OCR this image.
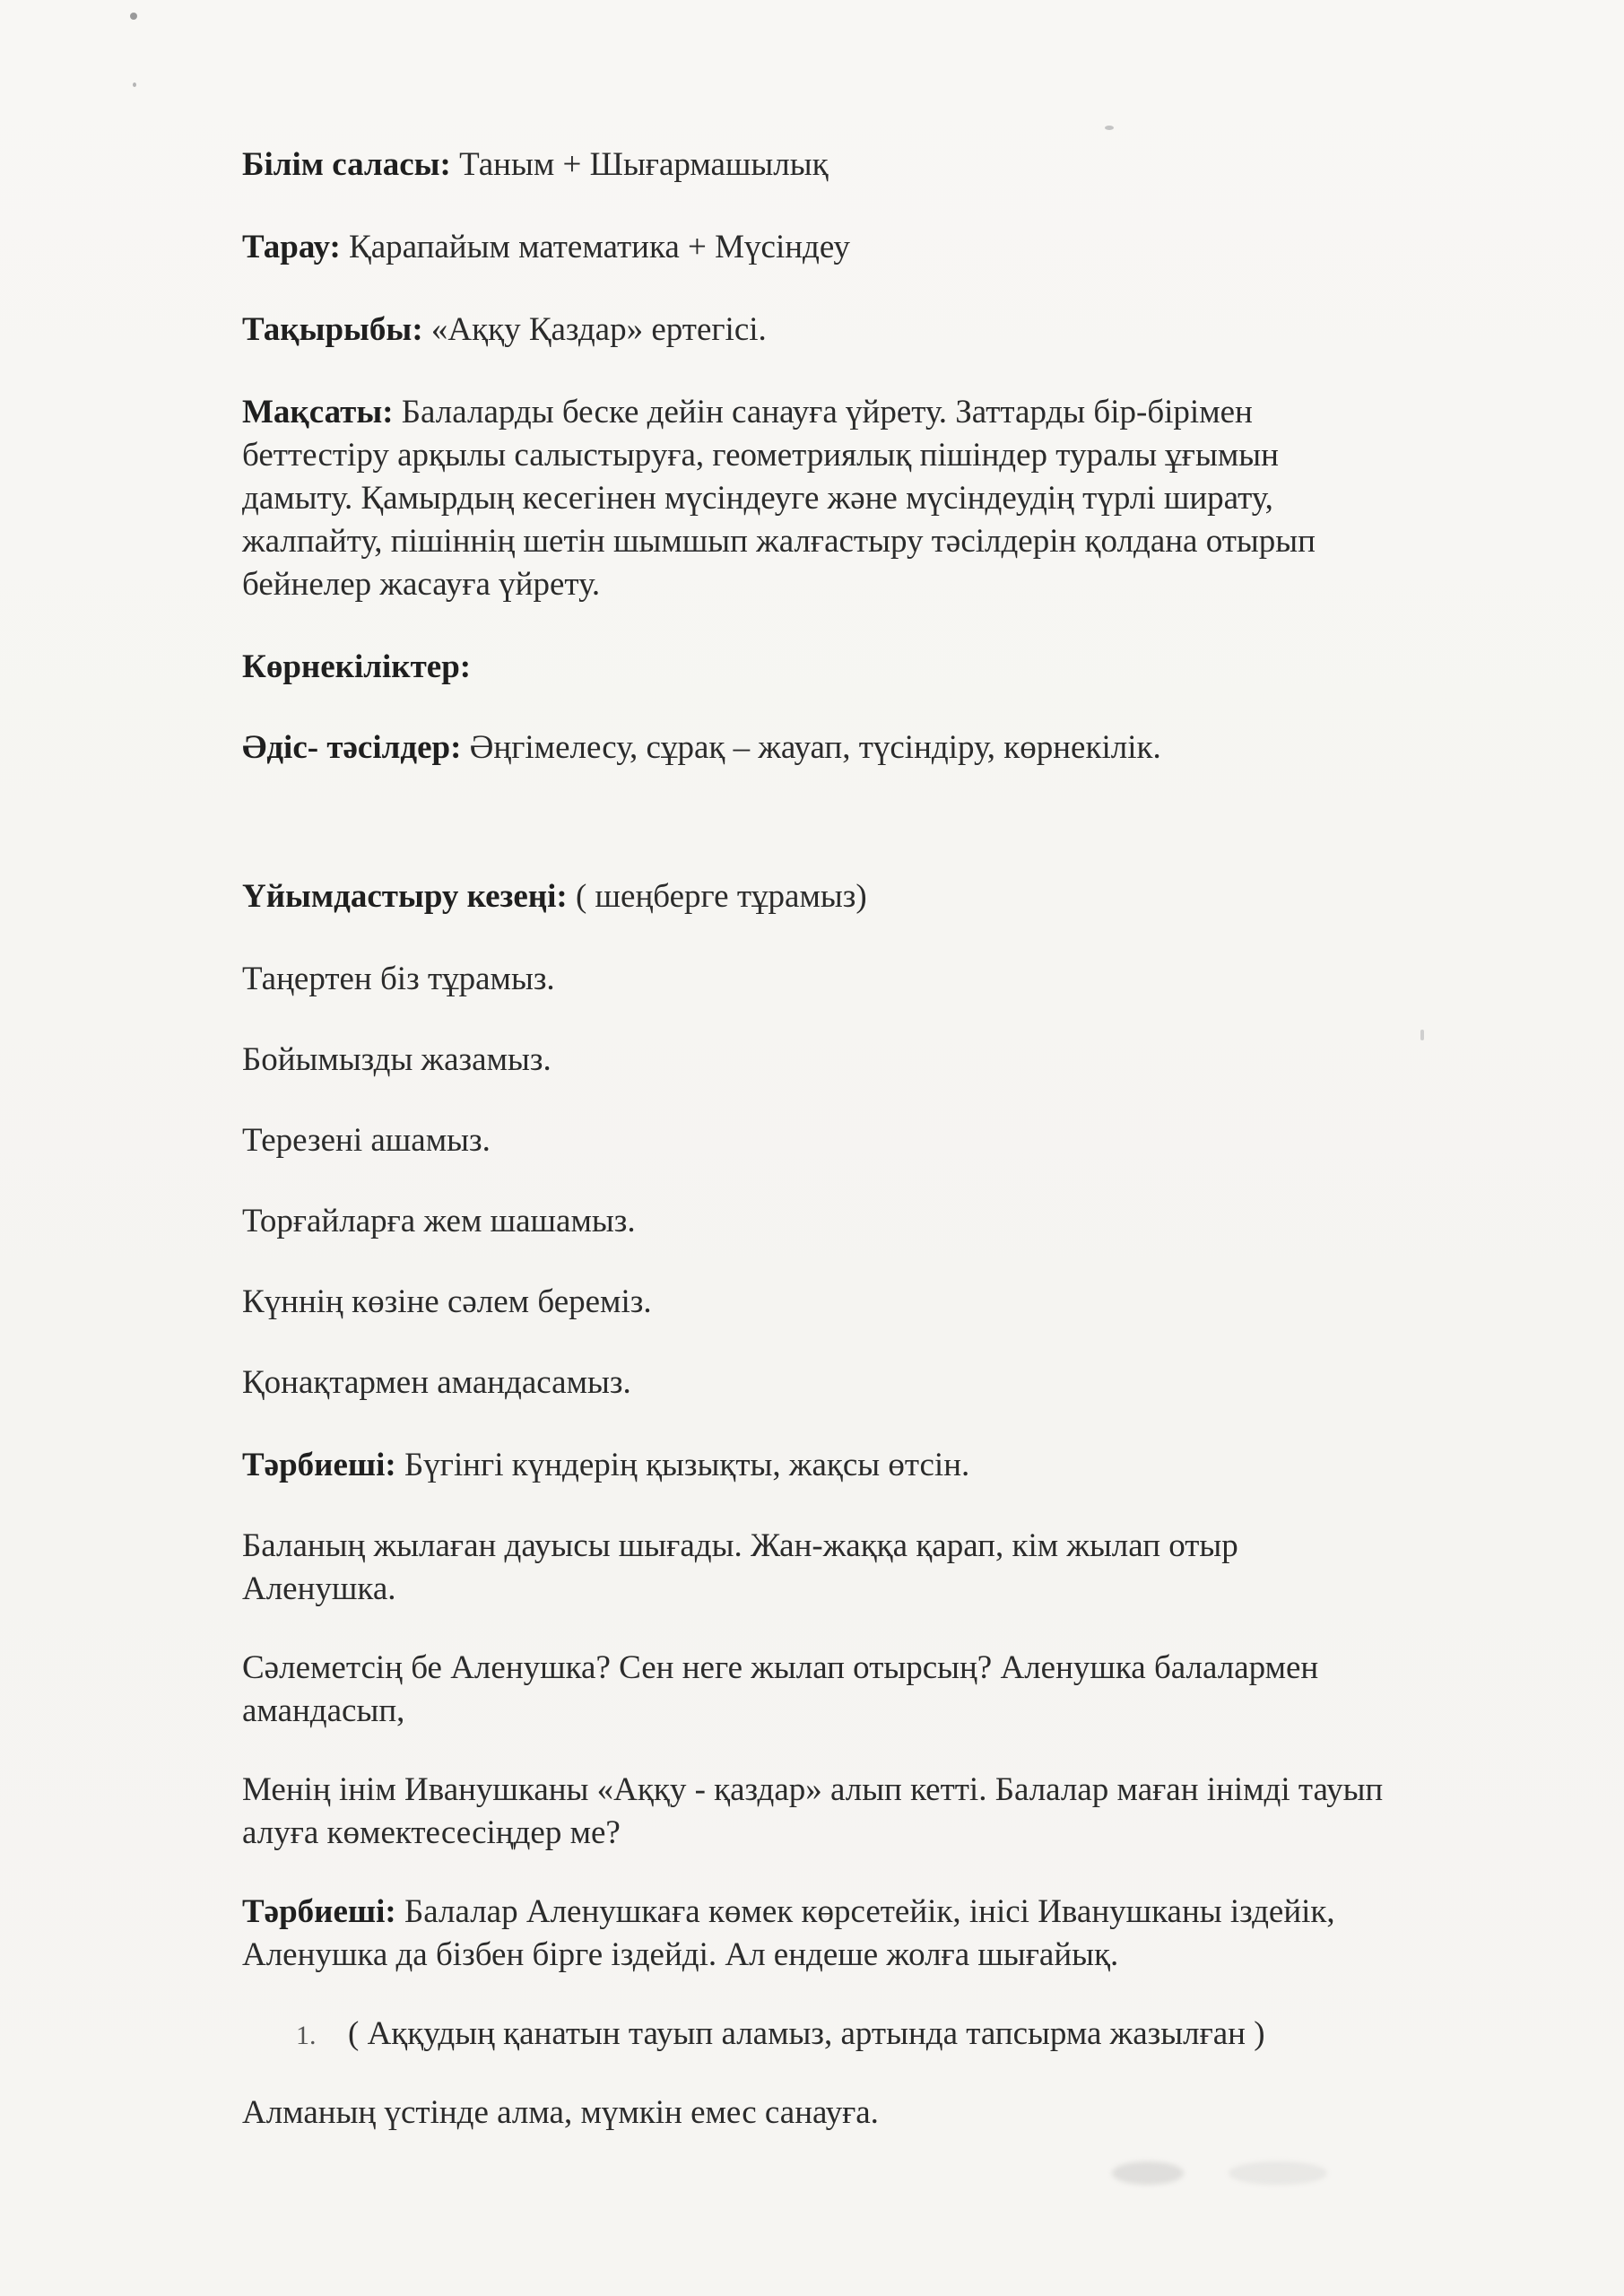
Білім саласы: Таным + Шығармашылық

Тарау: Қарапайым математика + Мүсіндеу

Тақырыбы: «Аққу Қаздар» ертегісі.

Мақсаты: Балаларды беске дейін санауға үйрету. Заттарды бір-бірімен

беттестіру арқылы салыстыруға, геометриялық пішіндер туралы ұғымын

дамыту. Қамырдың кесегінен мүсіндеуге және мүсіндеудің түрлі ширату,

жалпайту, пішіннің шетін шымшып жалғастыру тәсілдерін қолдана отырып

бейнелер жасауға үйрету.

Көрнекіліктер:

Әдіс- тәсілдер: Әңгімелесу, сұрақ – жауап, түсіндіру, көрнекілік.

Үйымдастыру кезеңі: ( шеңберге тұрамыз)

Таңертен біз тұрамыз.

Бойымызды жазамыз.

Терезені ашамыз.

Торғайларға жем шашамыз.

Күннің көзіне сәлем береміз.

Қонақтармен амандасамыз.

Тәрбиеші: Бүгінгі күндерің қызықты, жақсы өтсін.

Баланың жылаған дауысы шығады. Жан-жаққа қарап, кім жылап отыр

Аленушка.

Сәлеметсің бе Аленушка? Сен неге жылап отырсың? Аленушка балалармен

амандасып,

Менің інім Иванушканы «Аққу - қаздар» алып кетті. Балалар маған інімді тауып

алуға көмектесесіңдер ме?

Тәрбиеші: Балалар Аленушкаға көмек көрсетейік, інісі Иванушканы іздейік,

Аленушка да бізбен бірге іздейді. Ал ендеше жолға шығайық.

1. ( Аққудың қанатын тауып аламыз, артында тапсырма жазылған )

Алманың үстінде алма, мүмкін емес санауға.
